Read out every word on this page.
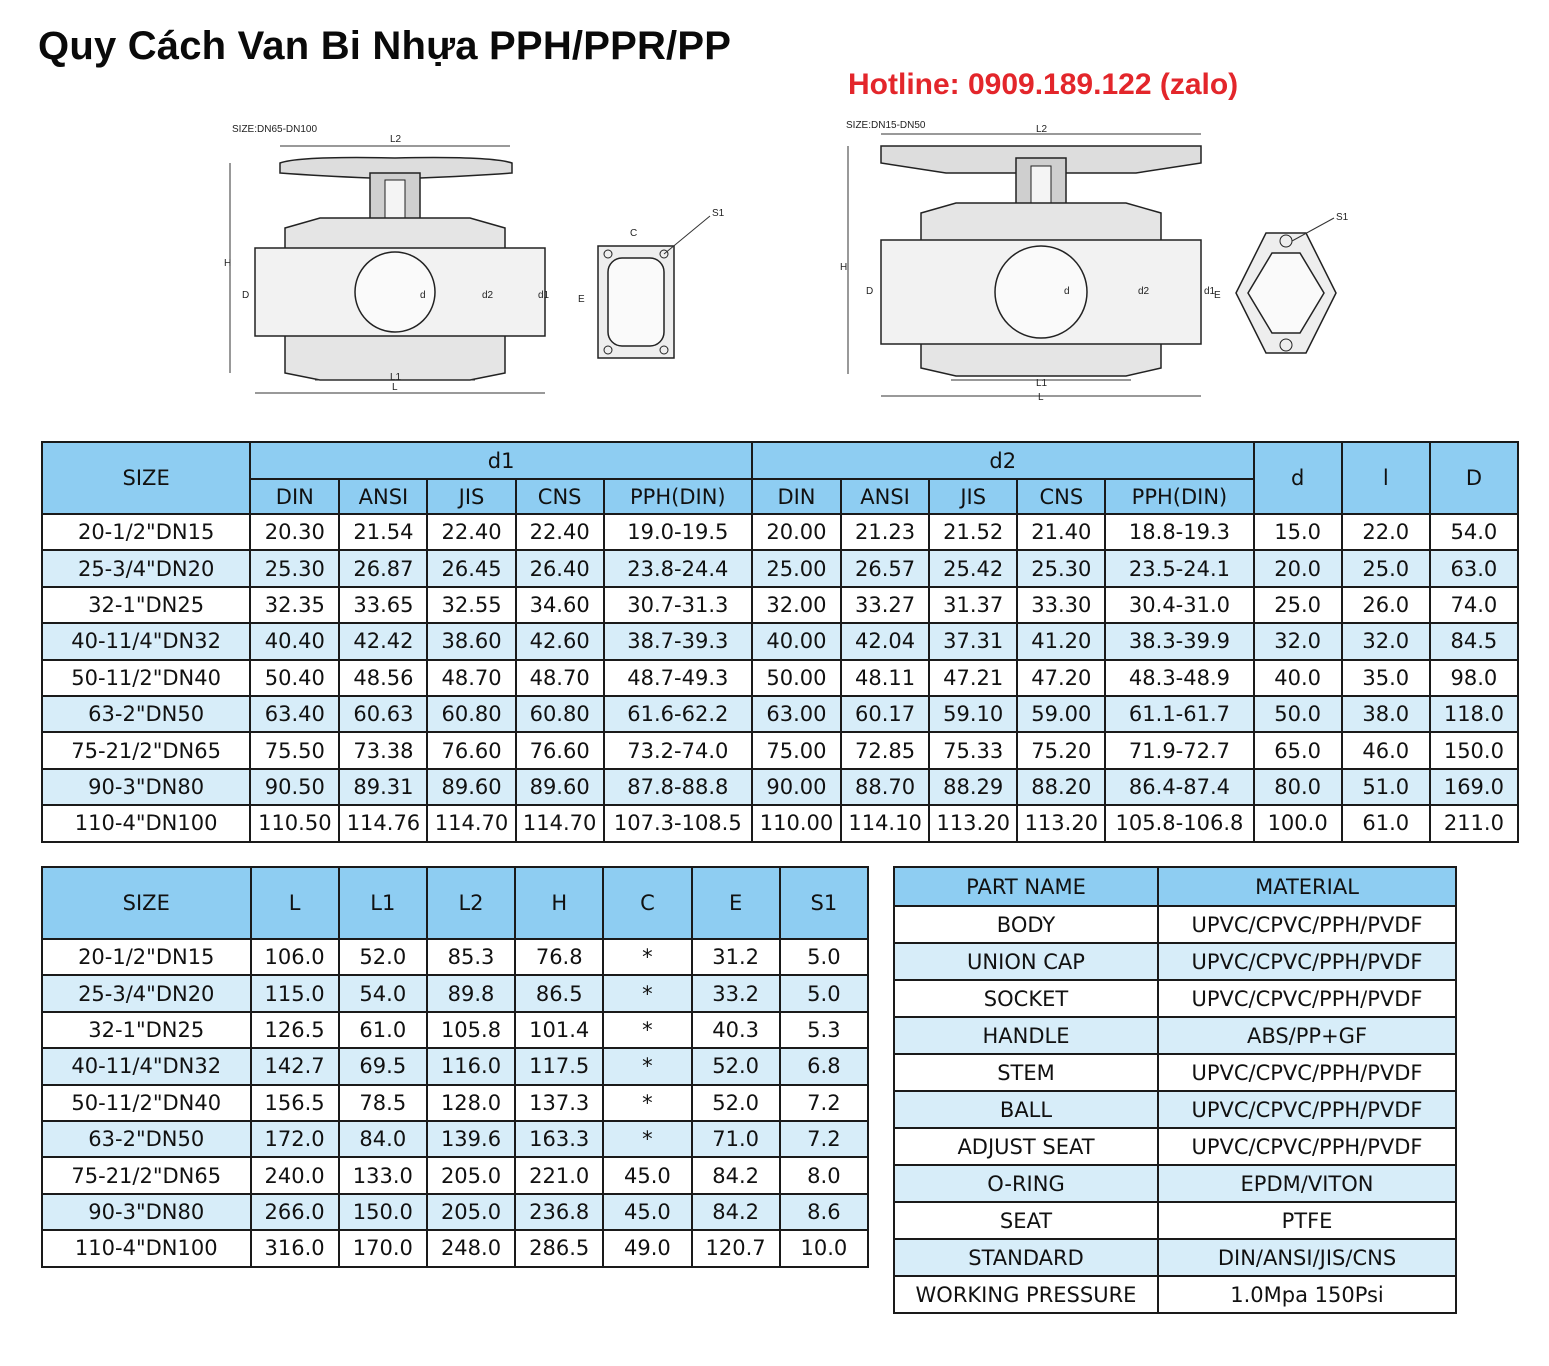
Quy Cách Van Bi Nhựa PPH/PPR/PP
Hotline: 0909.189.122 (zalo)
SIZE:DN65-DN100
L2
H
D	d	d2	d1
L1
L
C
E
S1
SIZE:DN15-DN50	L2
H
D	d	d2	d1
L1
L
E
S1
SIZE	d1					d2					d	l	D
	DIN	ANSI	JIS	CNS	PPH(DIN)	DIN	ANSI	JIS	CNS	PPH(DIN)			
20-1/2"DN15	20.30	21.54	22.40	22.40	19.0-19.5	20.00	21.23	21.52	21.40	18.8-19.3	15.0	22.0	54.0
25-3/4"DN20	25.30	26.87	26.45	26.40	23.8-24.4	25.00	26.57	25.42	25.30	23.5-24.1	20.0	25.0	63.0
32-1"DN25	32.35	33.65	32.55	34.60	30.7-31.3	32.00	33.27	31.37	33.30	30.4-31.0	25.0	26.0	74.0
40-11/4"DN32	40.40	42.42	38.60	42.60	38.7-39.3	40.00	42.04	37.31	41.20	38.3-39.9	32.0	32.0	84.5
50-11/2"DN40	50.40	48.56	48.70	48.70	48.7-49.3	50.00	48.11	47.21	47.20	48.3-48.9	40.0	35.0	98.0
63-2"DN50	63.40	60.63	60.80	60.80	61.6-62.2	63.00	60.17	59.10	59.00	61.1-61.7	50.0	38.0	118.0
75-21/2"DN65	75.50	73.38	76.60	76.60	73.2-74.0	75.00	72.85	75.33	75.20	71.9-72.7	65.0	46.0	150.0
90-3"DN80	90.50	89.31	89.60	89.60	87.8-88.8	90.00	88.70	88.29	88.20	86.4-87.4	80.0	51.0	169.0
110-4"DN100	110.50	114.76	114.70	114.70	107.3-108.5	110.00	114.10	113.20	113.20	105.8-106.8	100.0	61.0	211.0
SIZE	L	L1	L2	H	C	E	S1
20-1/2"DN15	106.0	52.0	85.3	76.8	*	31.2	5.0
25-3/4"DN20	115.0	54.0	89.8	86.5	*	33.2	5.0
32-1"DN25	126.5	61.0	105.8	101.4	*	40.3	5.3
40-11/4"DN32	142.7	69.5	116.0	117.5	*	52.0	6.8
50-11/2"DN40	156.5	78.5	128.0	137.3	*	52.0	7.2
63-2"DN50	172.0	84.0	139.6	163.3	*	71.0	7.2
75-21/2"DN65	240.0	133.0	205.0	221.0	45.0	84.2	8.0
90-3"DN80	266.0	150.0	205.0	236.8	45.0	84.2	8.6
110-4"DN100	316.0	170.0	248.0	286.5	49.0	120.7	10.0
PART NAME	MATERIAL
BODY	UPVC/CPVC/PPH/PVDF
UNION CAP	UPVC/CPVC/PPH/PVDF
SOCKET	UPVC/CPVC/PPH/PVDF
HANDLE	ABS/PP+GF
STEM	UPVC/CPVC/PPH/PVDF
BALL	UPVC/CPVC/PPH/PVDF
ADJUST SEAT	UPVC/CPVC/PPH/PVDF
O-RING	EPDM/VITON
SEAT	PTFE
STANDARD	DIN/ANSI/JIS/CNS
WORKING PRESSURE	1.0Mpa 150Psi
